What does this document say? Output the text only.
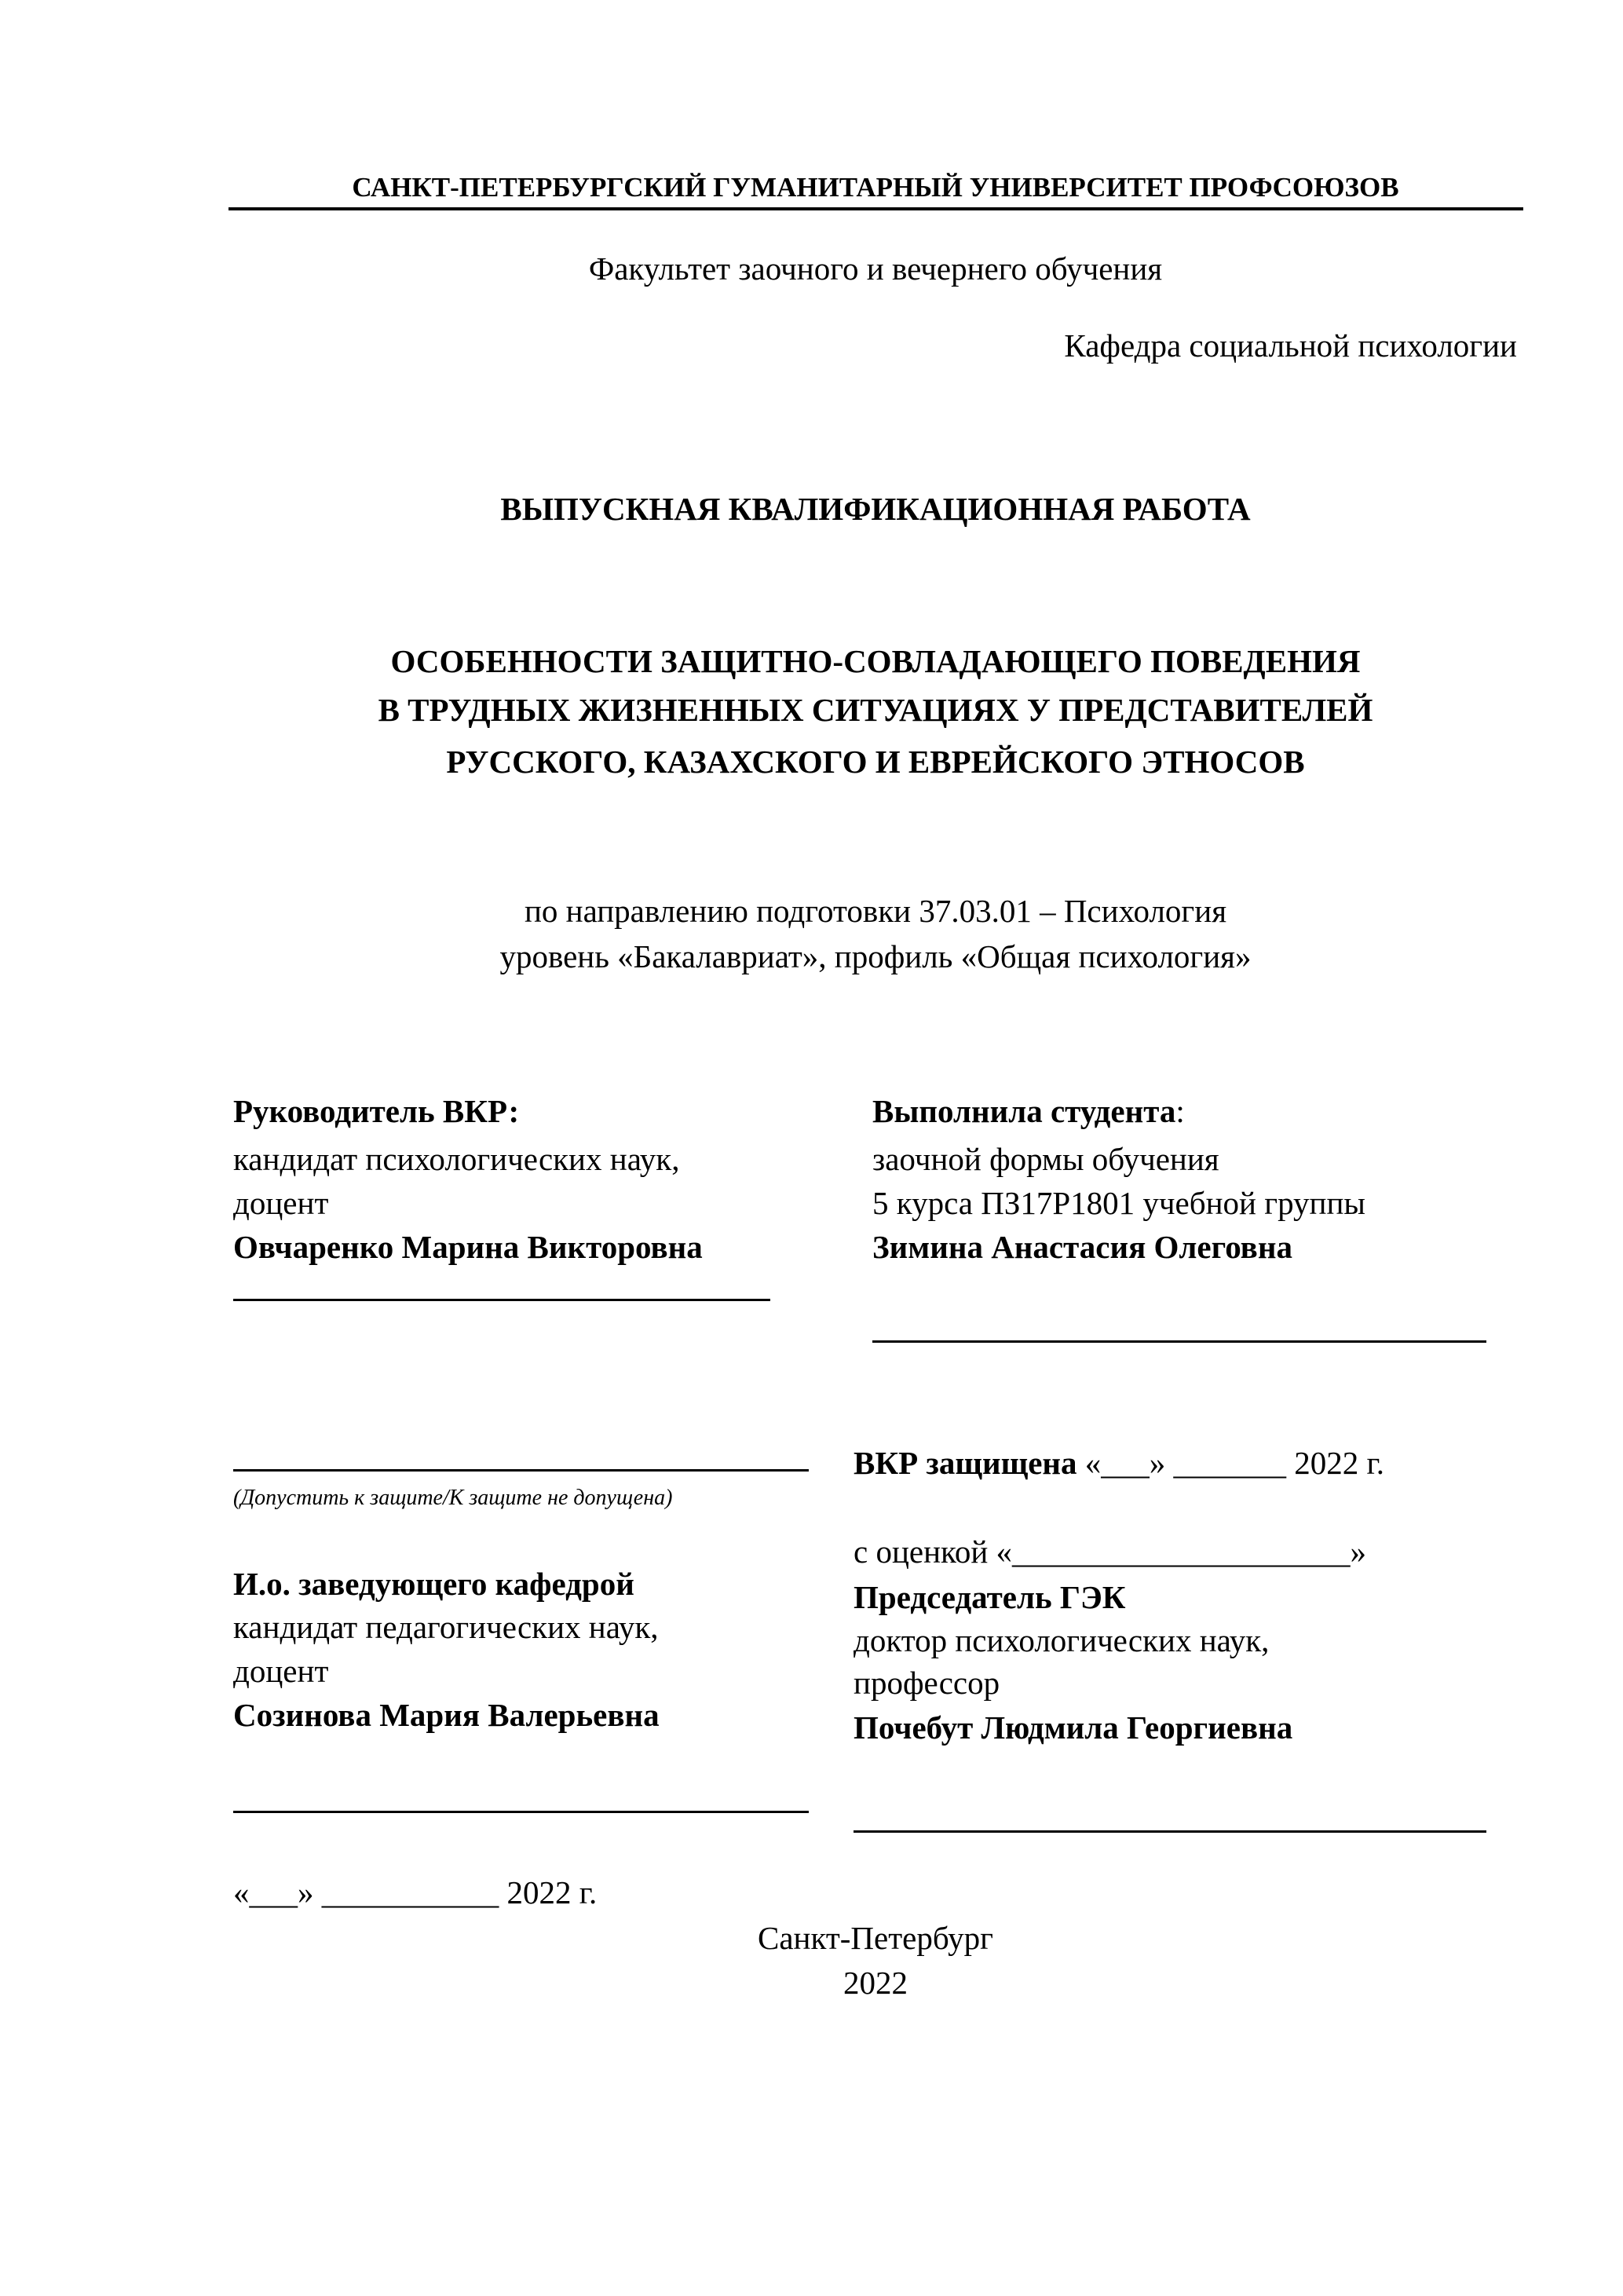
САНКТ-ПЕТЕРБУРГСКИЙ ГУМАНИТАРНЫЙ УНИВЕРСИТЕТ ПРОФСОЮЗОВ
Факультет заочного и вечернего обучения
Кафедра социальной психологии
ВЫПУСКНАЯ КВАЛИФИКАЦИОННАЯ РАБОТА
ОСОБЕННОСТИ ЗАЩИТНО-СОВЛАДАЮЩЕГО ПОВЕДЕНИЯ
В ТРУДНЫХ ЖИЗНЕННЫХ СИТУАЦИЯХ У ПРЕДСТАВИТЕЛЕЙ
РУССКОГО, КАЗАХСКОГО И ЕВРЕЙСКОГО ЭТНОСОВ
по направлению подготовки 37.03.01 – Психология
уровень «Бакалавриат», профиль «Общая психология»
Руководитель ВКР:
кандидат психологических наук,
доцент
Овчаренко Марина Викторовна
Выполнила студента:
заочной формы обучения
5 курса ПЗ17Р1801 учебной группы
Зимина Анастасия Олеговна
(Допустить к защите/К защите не допущена)
ВКР защищена «___» _______ 2022 г.
с оценкой «_____________________»
И.о. заведующего кафедрой
кандидат педагогических наук,
доцент
Созинова Мария Валерьевна
Председатель ГЭК
доктор психологических наук,
профессор
Почебут Людмила Георгиевна
«___» ___________ 2022 г.
Санкт-Петербург
2022
